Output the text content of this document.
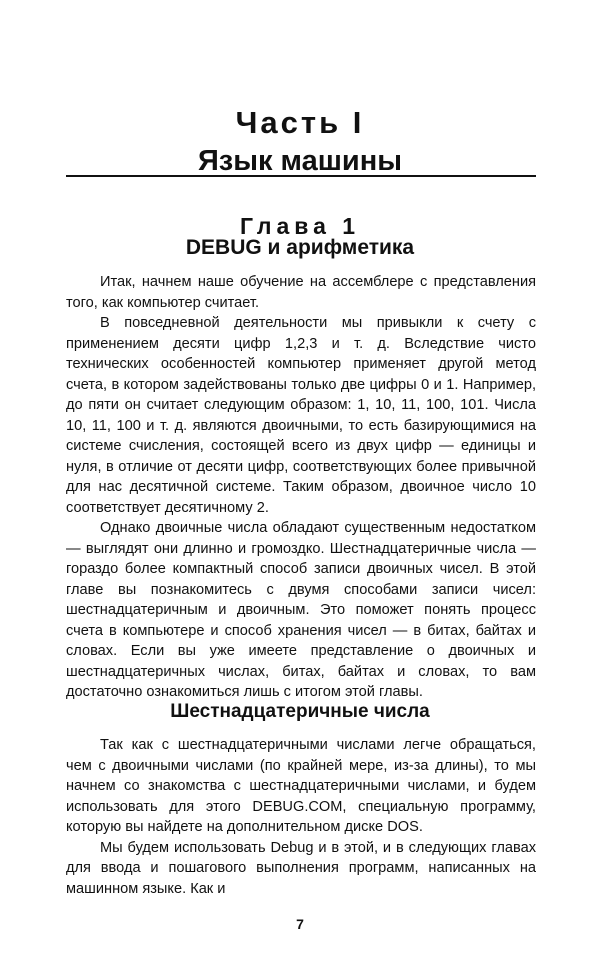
Часть I
Язык машины
Глава 1
DEBUG и арифметика

Итак, начнем наше обучение на ассемблере с представления того, как компьютер считает.

В повседневной деятельности мы привыкли к счету с применением десяти цифр 1,2,3 и т. д. Вследствие чисто технических особенностей компьютер применяет другой метод счета, в котором задействованы только две цифры 0 и 1. Например, до пяти он считает следующим образом: 1, 10, 11, 100, 101. Числа 10, 11, 100 и т. д. являются двоичными, то есть базирующимися на системе счисления, состоящей всего из двух цифр — единицы и нуля, в отличие от десяти цифр, соответствующих более привычной для нас десятичной системе. Таким образом, двоичное число 10 соответствует десятичному 2.

Однако двоичные числа обладают существенным недостатком — выглядят они длинно и громоздко. Шестнадцатеричные числа — гораздо более компактный способ записи двоичных чисел. В этой главе вы познакомитесь с двумя способами записи чисел: шестнадцатеричным и двоичным. Это поможет понять процесс счета в компьютере и способ хранения чисел — в битах, байтах и словах. Если вы уже имеете представление о двоичных и шестнадцатеричных числах, битах, байтах и словах, то вам достаточно ознакомиться лишь с итогом этой главы.

Шестнадцатеричные числа

Так как с шестнадцатеричными числами легче обращаться, чем с двоичными числами (по крайней мере, из-за длины), то мы начнем со знакомства с шестнадцатеричными числами, и будем использовать для этого DEBUG.COM, специальную программу, которую вы найдете на дополнительном диске DOS.

Мы будем использовать Debug и в этой, и в следующих главах для ввода и пошагового выполнения программ, написанных на машинном языке. Как и

7
